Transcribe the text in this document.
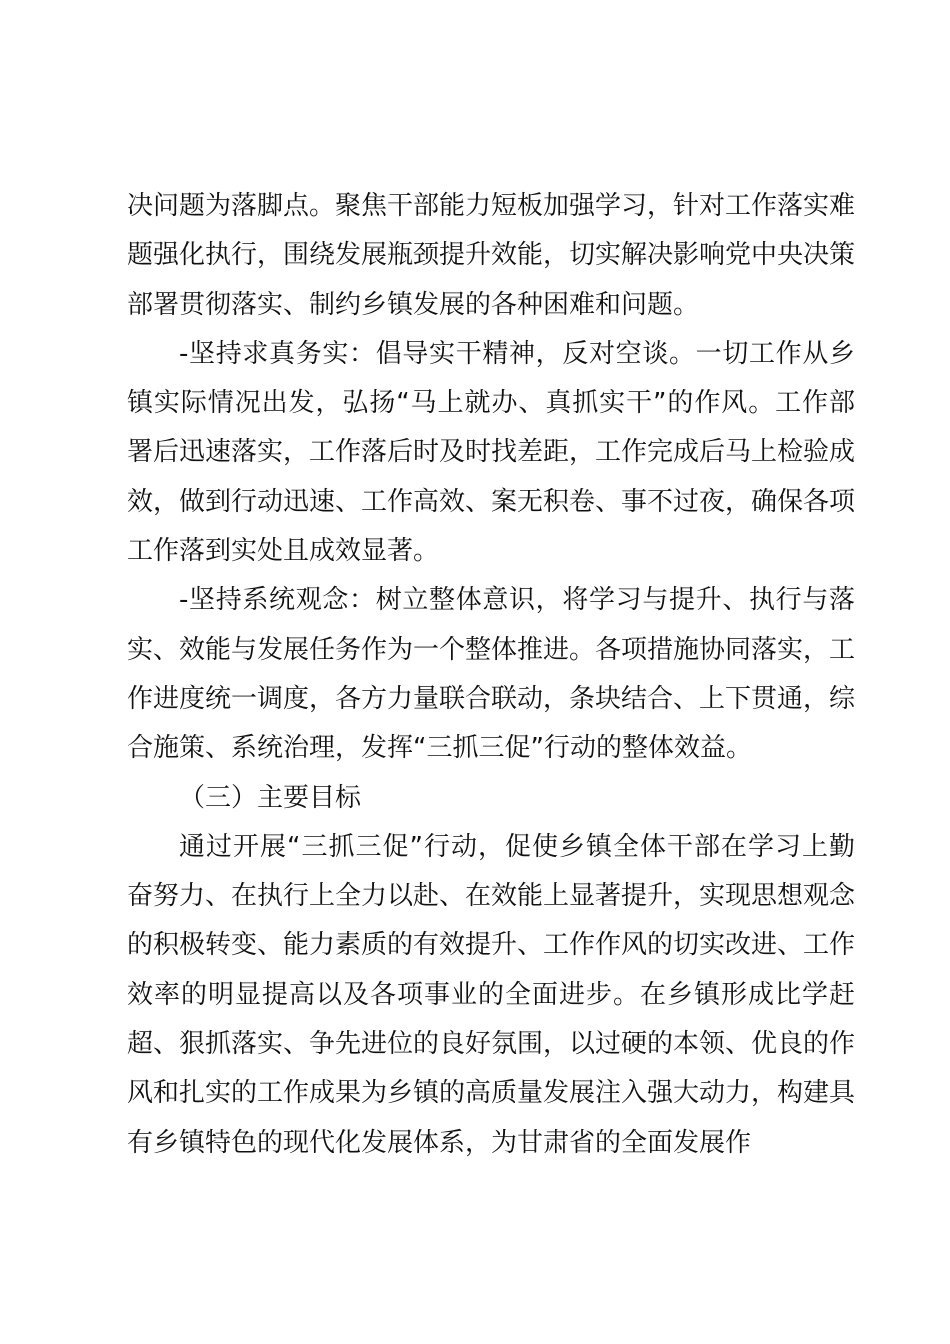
决问题为落脚点。聚焦干部能力短板加强学习，针对工作落实难题强化执行，围绕发展瓶颈提升效能，切实解决影响党中央决策部署贯彻落实、制约乡镇发展的各种困难和问题。

-坚持求真务实：倡导实干精神，反对空谈。一切工作从乡镇实际情况出发，弘扬“马上就办、真抓实干”的作风。工作部署后迅速落实，工作落后时及时找差距，工作完成后马上检验成效，做到行动迅速、工作高效、案无积卷、事不过夜，确保各项工作落到实处且成效显著。

-坚持系统观念：树立整体意识，将学习与提升、执行与落实、效能与发展任务作为一个整体推进。各项措施协同落实，工作进度统一调度，各方力量联合联动，条块结合、上下贯通，综合施策、系统治理，发挥“三抓三促”行动的整体效益。

（三）主要目标

通过开展“三抓三促”行动，促使乡镇全体干部在学习上勤奋努力、在执行上全力以赴、在效能上显著提升，实现思想观念的积极转变、能力素质的有效提升、工作作风的切实改进、工作效率的明显提高以及各项事业的全面进步。在乡镇形成比学赶超、狠抓落实、争先进位的良好氛围，以过硬的本领、优良的作风和扎实的工作成果为乡镇的高质量发展注入强大动力，构建具有乡镇特色的现代化发展体系，为甘肃省的全面发展作
